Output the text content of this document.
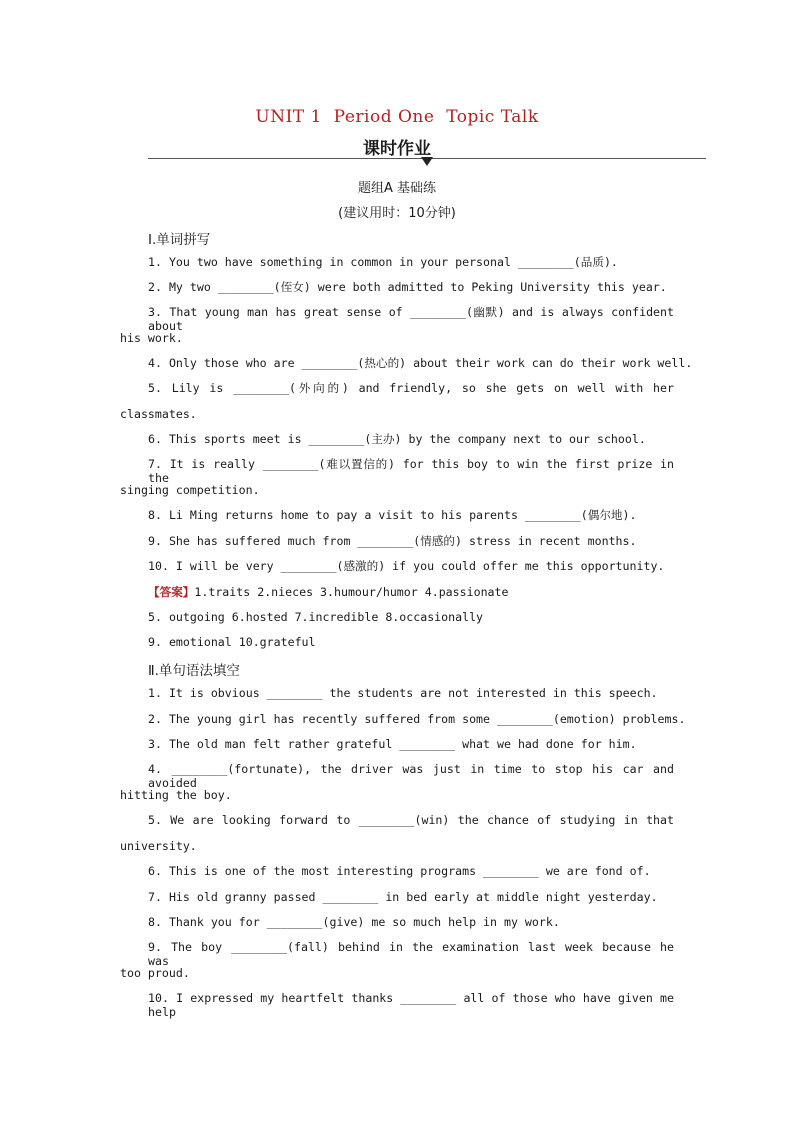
UNIT 1  Period One  Topic Talk
课时作业
题组A 基础练
(建议用时：10分钟)
Ⅰ.单词拼写
1. You two have something in common in your personal ________(品质).
2. My two ________(侄女) were both admitted to Peking University this year.
3. That young man has great sense of ________(幽默) and is always confident about
his work.
4. Only those who are ________(热心的) about their work can do their work well.
5. Lily is ________(外向的) and friendly, so she gets on well with her
classmates.
6. This sports meet is ________(主办) by the company next to our school.
7. It is really ________(难以置信的) for this boy to win the first prize in the
singing competition.
8. Li Ming returns home to pay a visit to his parents ________(偶尔地).
9. She has suffered much from ________(情感的) stress in recent months.
10. I will be very ________(感激的) if you could offer me this opportunity.
【答案】1.traits 2.nieces 3.humour/humor 4.passionate
5. outgoing 6.hosted 7.incredible 8.occasionally
9. emotional 10.grateful
Ⅱ.单句语法填空
1. It is obvious ________ the students are not interested in this speech.
2. The young girl has recently suffered from some ________(emotion) problems.
3. The old man felt rather grateful ________ what we had done for him.
4. ________(fortunate), the driver was just in time to stop his car and avoided
hitting the boy.
5. We are looking forward to ________(win) the chance of studying in that
university.
6. This is one of the most interesting programs ________ we are fond of.
7. His old granny passed ________ in bed early at middle night yesterday.
8. Thank you for ________(give) me so much help in my work.
9. The boy ________(fall) behind in the examination last week because he was
too proud.
10. I expressed my heartfelt thanks ________ all of those who have given me help
